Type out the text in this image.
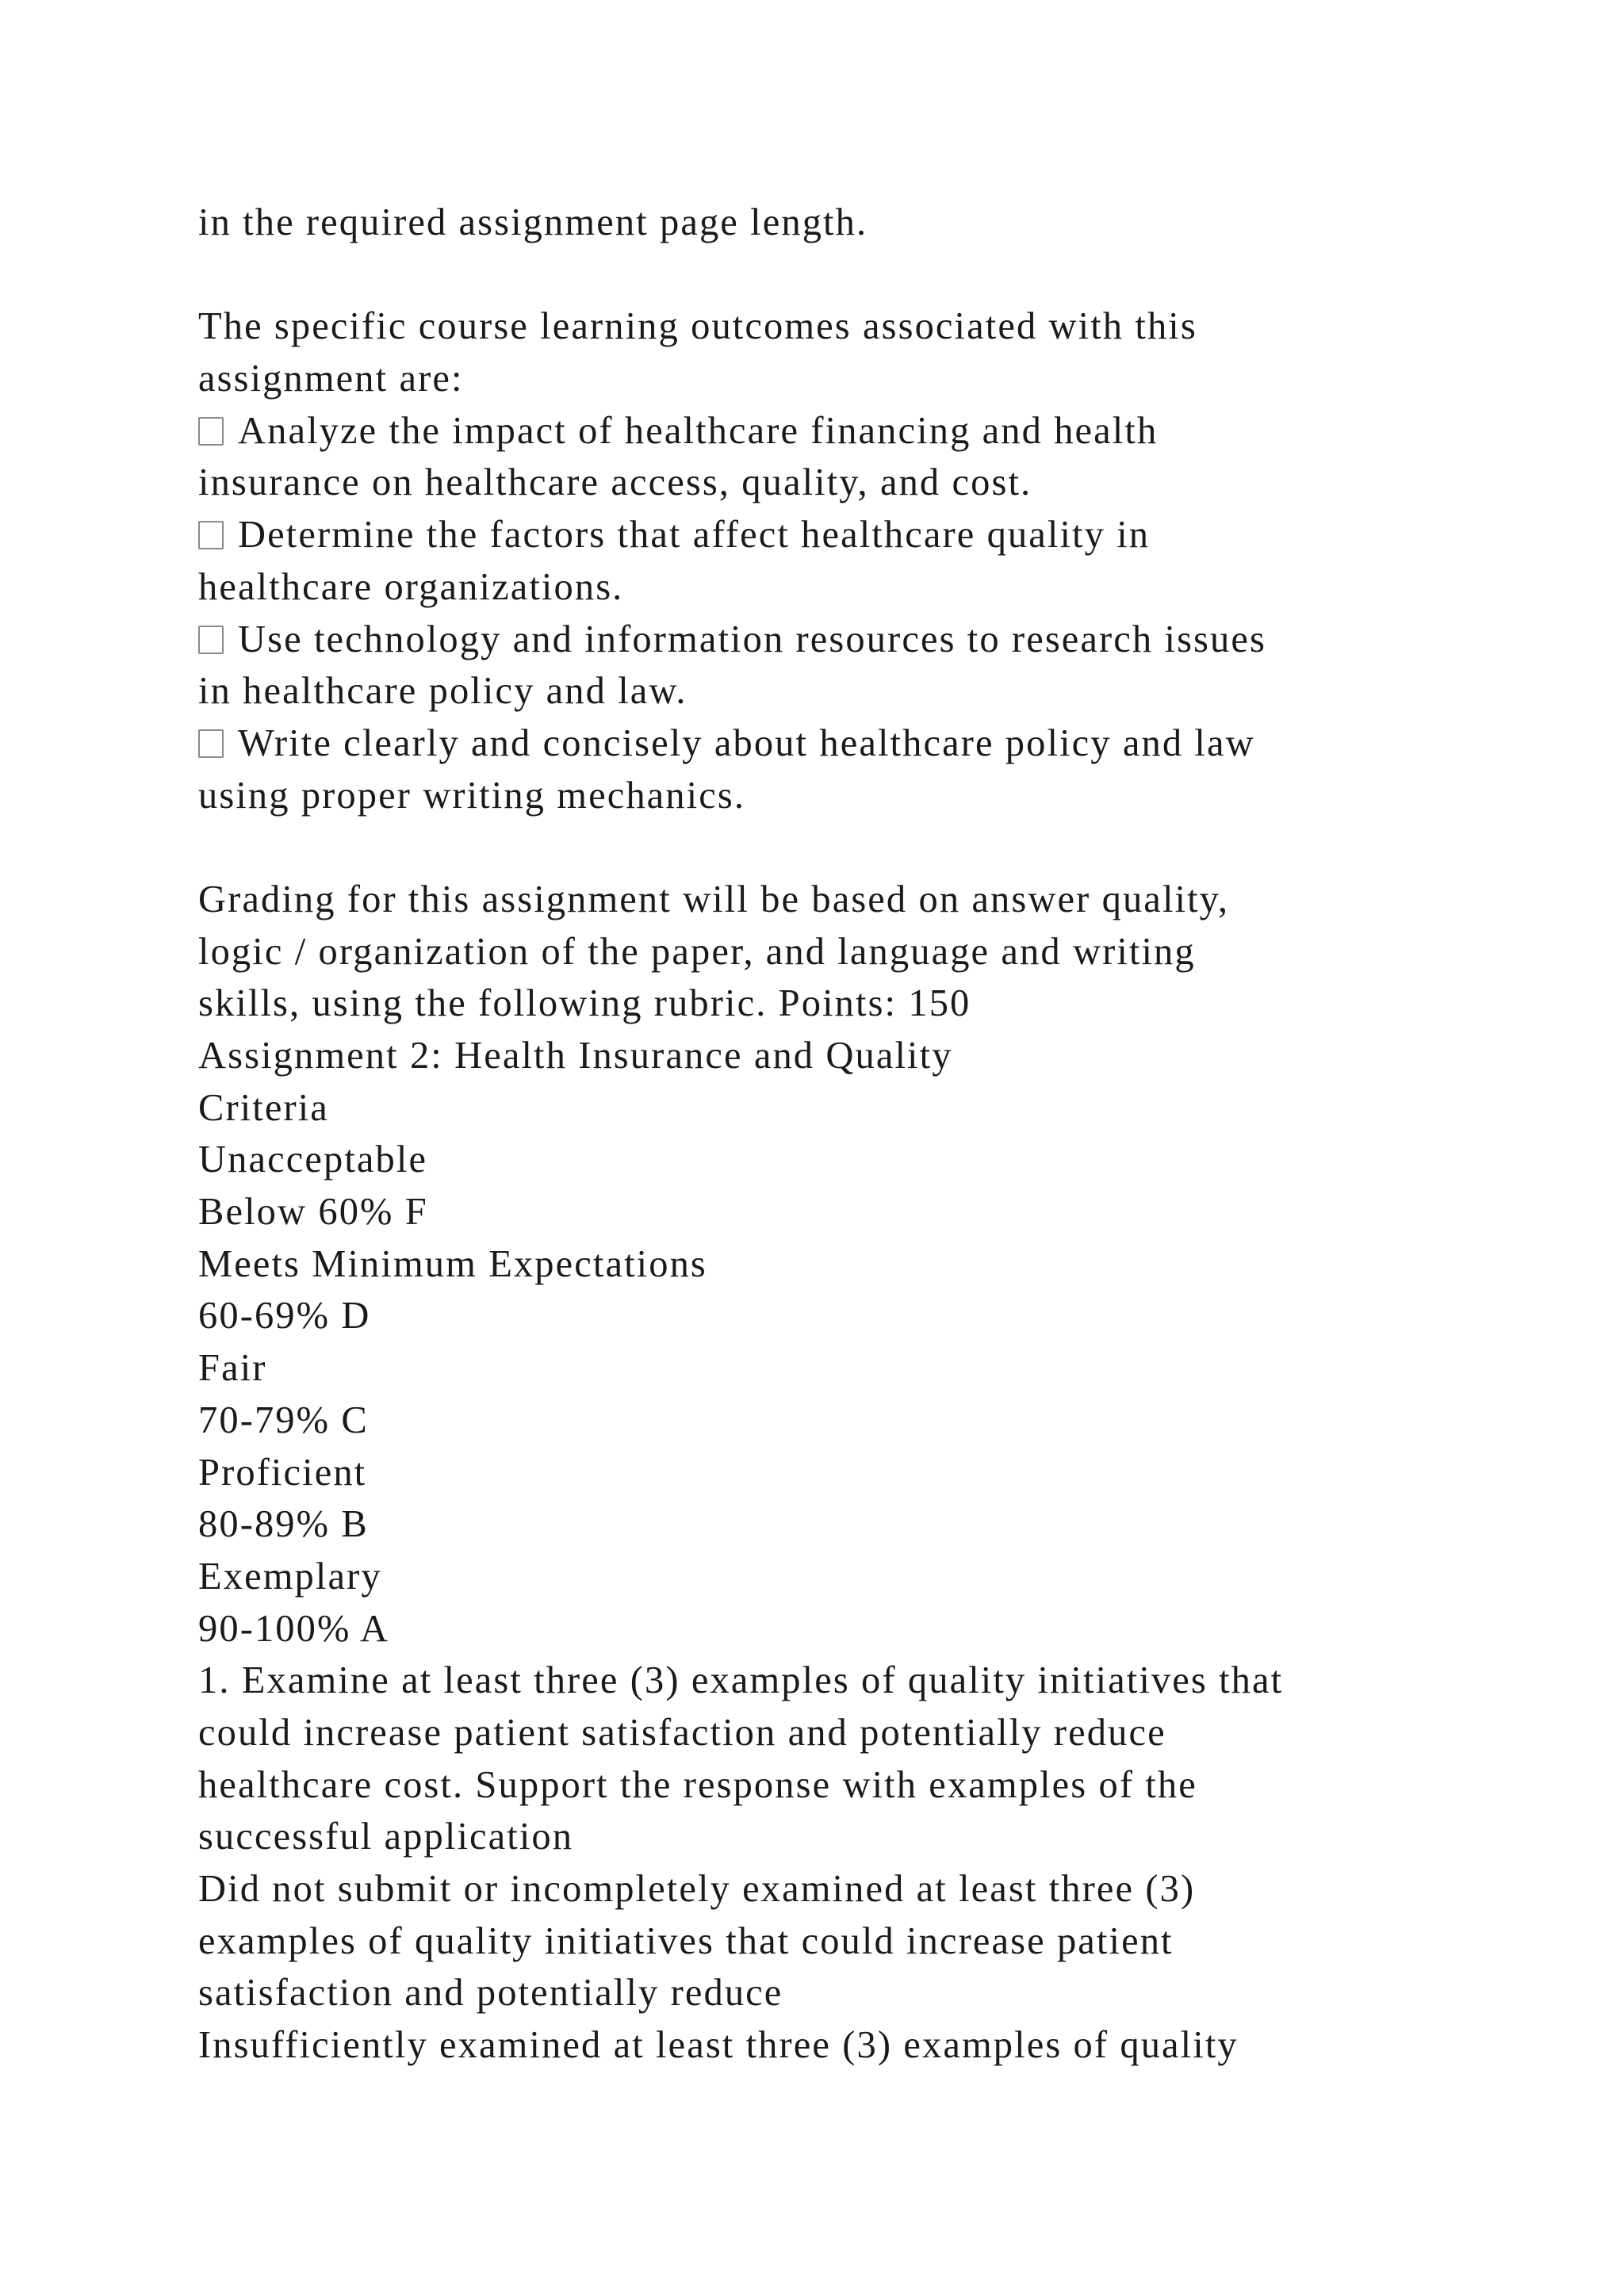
in the required assignment page length.
The specific course learning outcomes associated with this
assignment are:
Analyze the impact of healthcare financing and health
insurance on healthcare access, quality, and cost.
Determine the factors that affect healthcare quality in
healthcare organizations.
Use technology and information resources to research issues
in healthcare policy and law.
Write clearly and concisely about healthcare policy and law
using proper writing mechanics.
Grading for this assignment will be based on answer quality,
logic / organization of the paper, and language and writing
skills, using the following rubric. Points: 150
Assignment 2: Health Insurance and Quality
Criteria
Unacceptable
Below 60% F
Meets Minimum Expectations
60-69% D
Fair
70-79% C
Proficient
80-89% B
Exemplary
90-100% A
1. Examine at least three (3) examples of quality initiatives that
could increase patient satisfaction and potentially reduce
healthcare cost. Support the response with examples of the
successful application
Did not submit or incompletely examined at least three (3)
examples of quality initiatives that could increase patient
satisfaction and potentially reduce
Insufficiently examined at least three (3) examples of quality
